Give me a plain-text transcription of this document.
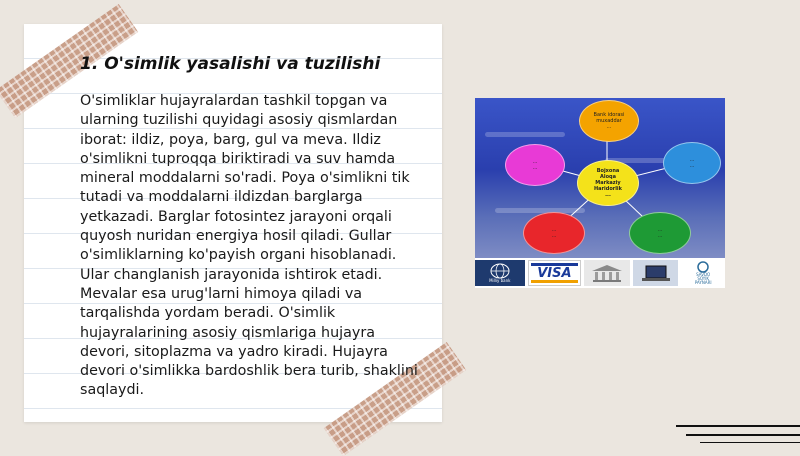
1. O'simlik yasalishi va tuzilishi

O'simliklar hujayralardan tashkil topgan va ularning tuzilishi quyidagi asosiy qismlardan iborat: ildiz, poya, barg, gul va meva. Ildiz o'simlikni tuproqqa biriktiradi va suv hamda mineral moddalarni so'radi. Poya o'simlikni tik tutadi va moddalarni ildizdan barglarga yetkazadi. Barglar fotosintez jarayoni orqali quyosh nuridan energiya hosil qiladi. Gullar o'simliklarning ko'payish organi hisoblanadi. Ular changlanish jarayonida ishtirok etadi. Mevalar esa urug'larni himoya qiladi va tarqalishda yordam beradi. O'simlik hujayralarining asosiy qismlariga hujayra devori, sitoplazma va yadro kiradi. Hujayra devori o'simlikka bardoshlik bera turib, shaklini saqlaydi.

Bank idorasi
muxaddar
...
...
...
...
...
Bojxona
Aloqa
Markaziy
Haridorlik
...
...
...
...
...
Milliy bank VISA	SAVDO
SOYIK
PAYNARI
